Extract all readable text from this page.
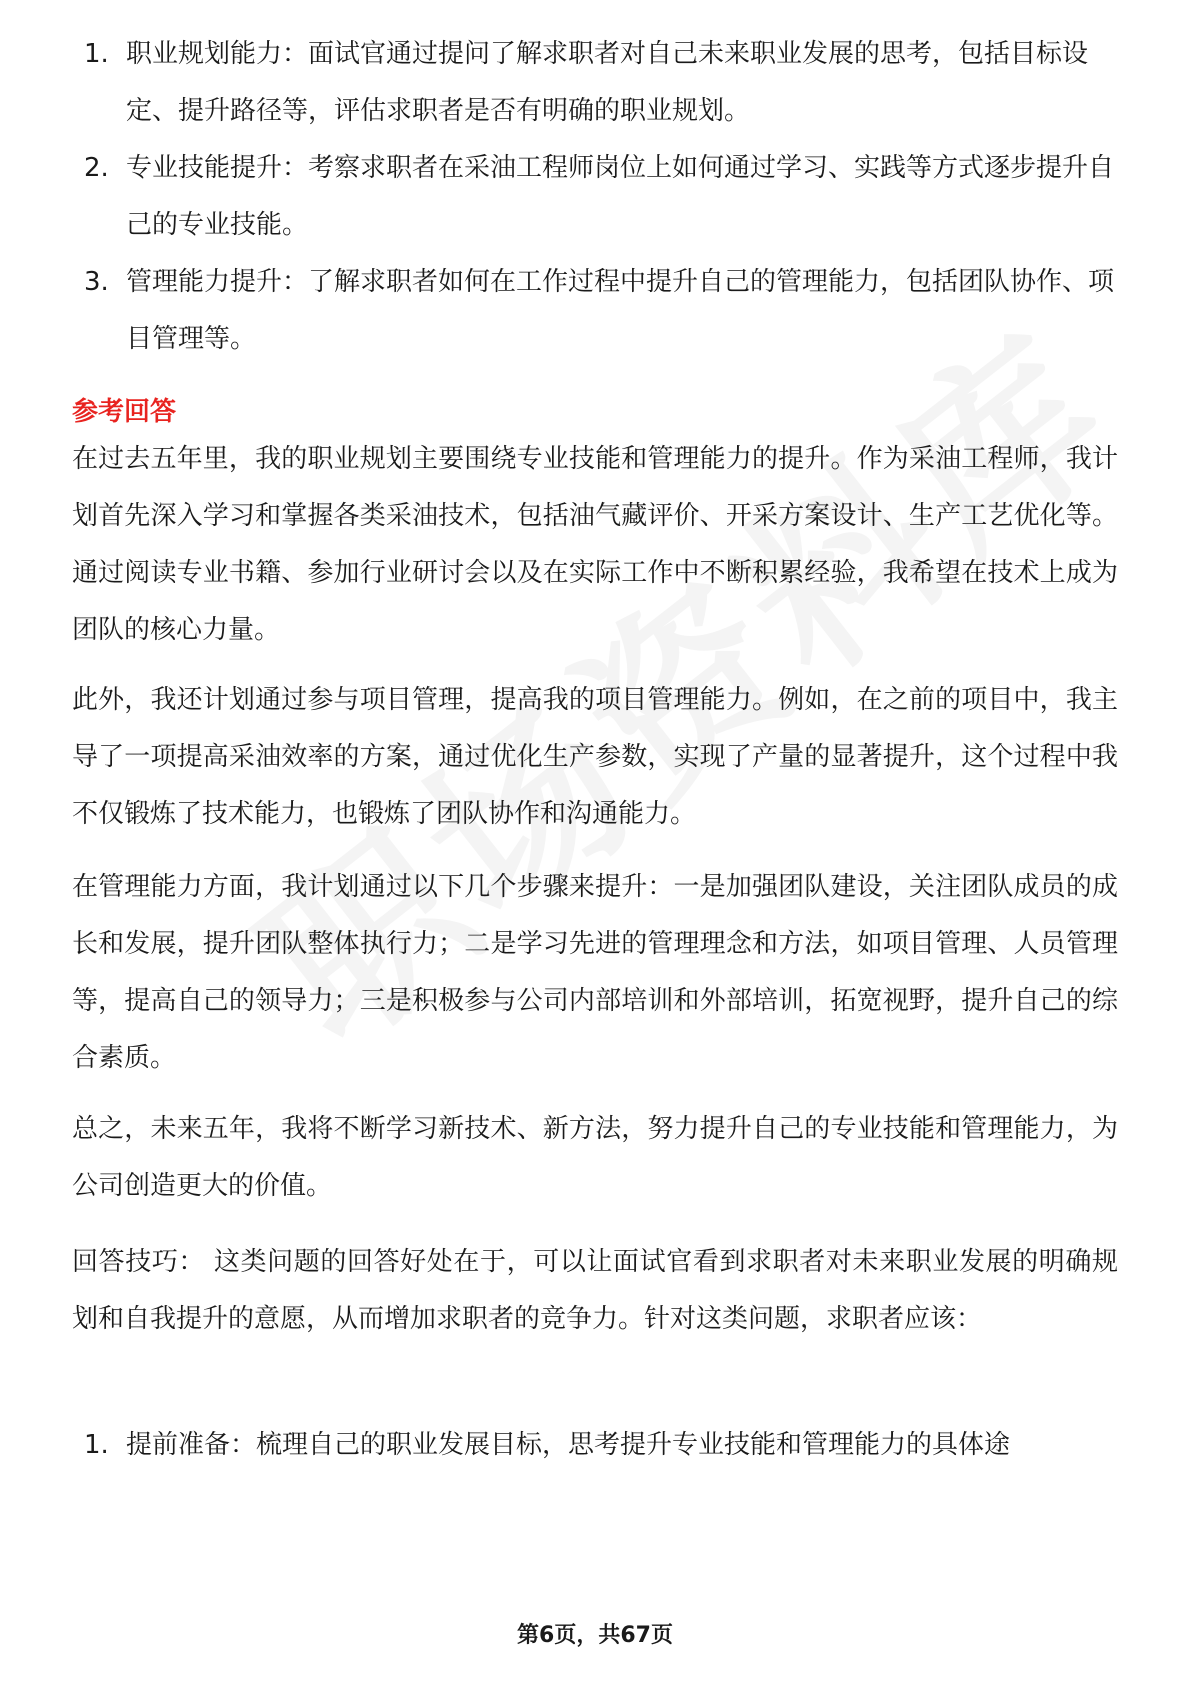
1. 职业规划能力：面试官通过提问了解求职者对自己未来职业发展的思考，包括目标设定、提升路径等，评估求职者是否有明确的职业规划。
2. 专业技能提升：考察求职者在采油工程师岗位上如何通过学习、实践等方式逐步提升自己的专业技能。
3. 管理能力提升：了解求职者如何在工作过程中提升自己的管理能力，包括团队协作、项目管理等。
参考回答

在过去五年里，我的职业规划主要围绕专业技能和管理能力的提升。作为采油工程师，我计划首先深入学习和掌握各类采油技术，包括油气藏评价、开采方案设计、生产工艺优化等。通过阅读专业书籍、参加行业研讨会以及在实际工作中不断积累经验，我希望在技术上成为团队的核心力量。

此外，我还计划通过参与项目管理，提高我的项目管理能力。例如，在之前的项目中，我主导了一项提高采油效率的方案，通过优化生产参数，实现了产量的显著提升，这个过程中我不仅锻炼了技术能力，也锻炼了团队协作和沟通能力。

在管理能力方面，我计划通过以下几个步骤来提升：一是加强团队建设，关注团队成员的成长和发展，提升团队整体执行力；二是学习先进的管理理念和方法，如项目管理、人员管理等，提高自己的领导力；三是积极参与公司内部培训和外部培训，拓宽视野，提升自己的综合素质。

总之，未来五年，我将不断学习新技术、新方法，努力提升自己的专业技能和管理能力，为公司创造更大的价值。

回答技巧： 这类问题的回答好处在于，可以让面试官看到求职者对未来职业发展的明确规划和自我提升的意愿，从而增加求职者的竞争力。针对这类问题，求职者应该：

1. 提前准备：梳理自己的职业发展目标，思考提升专业技能和管理能力的具体途
第6页，共67页
